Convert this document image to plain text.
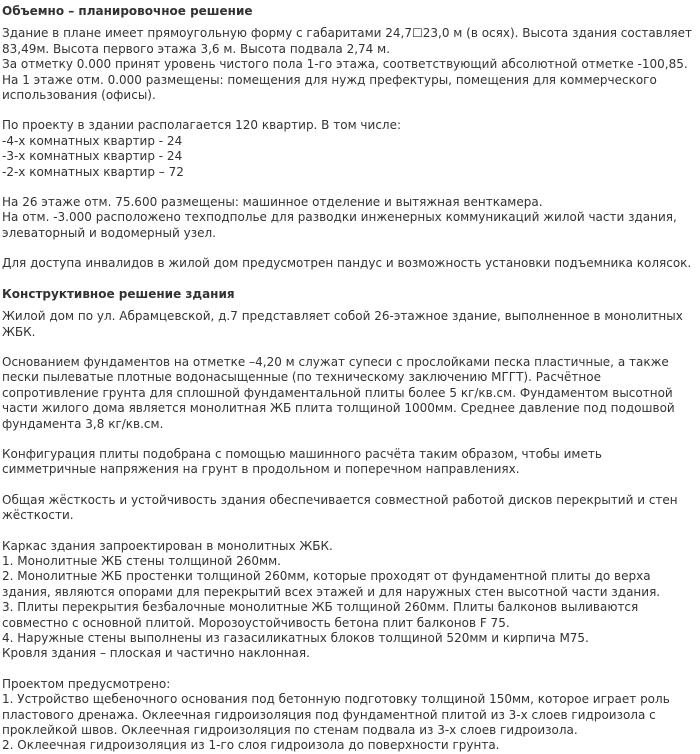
Объемно – планировочное решение

Здание в плане имеет прямоугольную форму с габаритами 24,7☐23,0 м (в осях). Высота здания составляет 83,49м. Высота первого этажа 3,6 м. Высота подвала 2,74 м.
За отметку 0.000 принят уровень чистого пола 1-го этажа, соответствующий абсолютной отметке -100,85.
На 1 этаже отм. 0.000 размещены: помещения для нужд префектуры, помещения для коммерческого использования (офисы).

По проекту в здании располагается 120 квартир. В том числе:
-4-х комнатных квартир - 24
-3-х комнатных квартир - 24
-2-х комнатных квартир – 72

На 26 этаже отм. 75.600 размещены: машинное отделение и вытяжная венткамера.
На отм. -3.000 расположено техподполье для разводки инженерных коммуникаций жилой части здания, элеваторный и водомерный узел.

Для доступа инвалидов в жилой дом предусмотрен пандус и возможность установки подъемника колясок.

Конструктивное решение здания

Жилой дом по ул. Абрамцевской, д.7 представляет собой 26-этажное здание, выполненное в монолитных ЖБК.

Основанием фундаментов на отметке –4,20 м служат супеси с прослойками песка пластичные, а также пески пылеватые плотные водонасыщенные (по техническому заключению МГГТ). Расчётное сопротивление грунта для сплошной фундаментальной плиты более 5 кг/кв.см. Фундаментом высотной части жилого дома является монолитная ЖБ плита толщиной 1000мм. Среднее давление под подошвой фундамента 3,8 кг/кв.см.

Конфигурация плиты подобрана с помощью машинного расчёта таким образом, чтобы иметь симметричные напряжения на грунт в продольном и поперечном направлениях.

Общая жёсткость и устойчивость здания обеспечивается совместной работой дисков перекрытий и стен жёсткости.

Каркас здания запроектирован в монолитных ЖБК.
1. Монолитные ЖБ стены толщиной 260мм.
2. Монолитные ЖБ простенки толщиной 260мм, которые проходят от фундаментной плиты до верха здания, являются опорами для перекрытий всех этажей и для наружных стен высотной части здания.
3. Плиты перекрытия безбалочные монолитные ЖБ толщиной 260мм. Плиты балконов выливаются совместно с основной плитой. Морозоустойчивость бетона плит балконов F 75.
4. Наружные стены выполнены из газасиликатных блоков толщиной 520мм и кирпича М75.
Кровля здания – плоская и частично наклонная.

Проектом предусмотрено:
1. Устройство щебеночного основания под бетонную подготовку толщиной 150мм, которое играет роль пластового дренажа. Оклеечная гидроизоляция под фундаментной плитой из 3-х слоев гидроизола с проклейкой швов. Оклеечная гидроизоляция по стенам подвала из 3-х слоев гидроизола.
2. Оклеечная гидроизоляция из 1-го слоя гидроизола до поверхности грунта.
